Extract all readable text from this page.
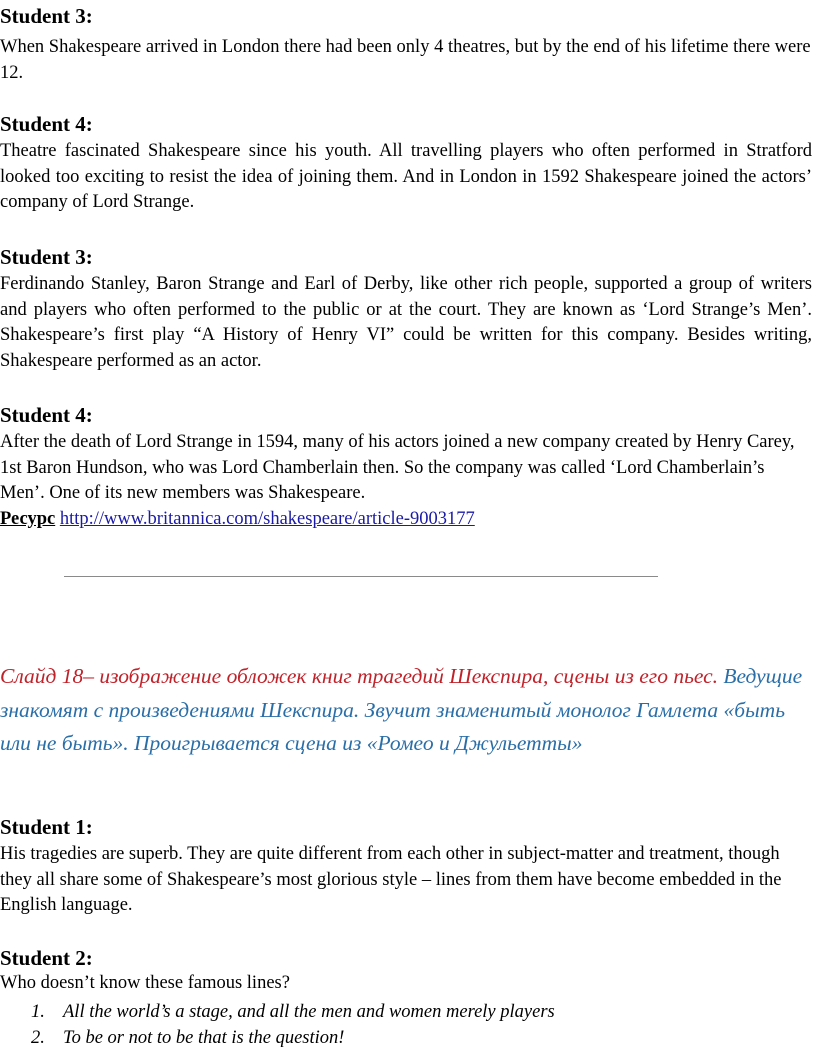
Student 3:

When Shakespeare arrived in London there had been only 4 theatres, but by the end of his lifetime there were 12.

Student 4:

Theatre fascinated Shakespeare since his youth. All travelling players who often performed in Stratford looked too exciting to resist the idea of joining them. And in London in 1592 Shakespeare joined the actors’ company of Lord Strange.

Student 3:

Ferdinando Stanley, Baron Strange and Earl of Derby, like other rich people, supported a group of writers and players who often performed to the public or at the court. They are known as ‘Lord Strange’s Men’. Shakespeare’s first play “A History of Henry VI” could be written for this company. Besides writing, Shakespeare performed as an actor.

Student 4:

After the death of Lord Strange in 1594, many of his actors joined a new company created by Henry Carey, 1st Baron Hundson, who was Lord Chamberlain then. So the company was called ‘Lord Chamberlain’s Men’. One of its new members was Shakespeare.

Ресурс http://www.britannica.com/shakespeare/article-9003177

Слайд 18– изображение обложек книг трагедий Шекспира, сцены из его пьес. Ведущие знакомят с произведениями Шекспира. Звучит знаменитый монолог Гамлета «быть или не быть». Проигрывается сцена из «Ромео и Джульетты»

Student 1:

His tragedies are superb. They are quite different from each other in subject-matter and treatment, though they all share some of Shakespeare’s most glorious style – lines from them have become embedded in the English language.

Student 2:

Who doesn’t know these famous lines?

1. All the world’s a stage, and all the men and women merely players
2. To be or not to be that is the question!
